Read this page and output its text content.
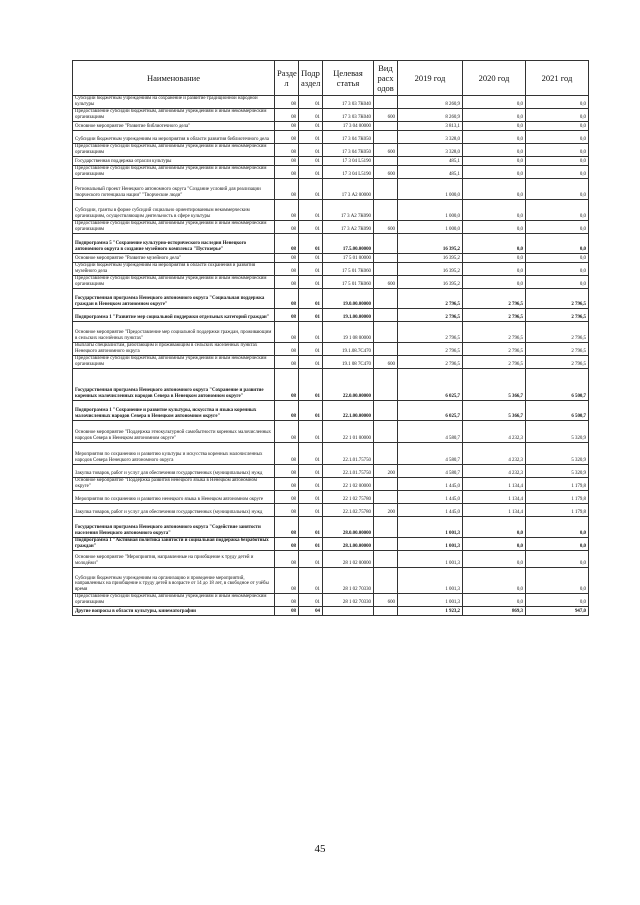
Наименование	Разде л	Подр аздел	Целевая статья	Вид расх одов	2019 год	2020 год	2021 год
Субсидии бюджетным учреждениям на сохранение и развитие традиционной народной культуры	08	01	17 3 03 7К040		8 260,9	0,0	0,0
Предоставление субсидий бюджетным, автономным учреждениям и иным некоммерческим организациям	08	01	17 3 03 7К040	600	8 260,9	0,0	0,0
Основное мероприятие "Развитие библиотечного дела"	08	01	17 3 04 00000		3 813,1	0,0	0,0
Субсидии бюджетным учреждениям на мероприятия в области развития библиотечного дела	08	01	17 3 04 7К050		3 328,0	0,0	0,0
Предоставление субсидий бюджетным, автономным учреждениям и иным некоммерческим организациям	08	01	17 3 04 7К050	600	3 328,0	0,0	0,0
Государственная поддержка отрасли культуры	08	01	17 3 04 L5190		485,1	0,0	0,0
Предоставление субсидий бюджетным, автономным учреждениям и иным некоммерческим организациям	08	01	17 3 04 L5190	600	485,1	0,0	0,0
Региональный проект Ненецкого автономного округа "Создание условий для реализации творческого потенциала нации" "Творческие люди"	08	01	17 3 А2 00000		1 000,0	0,0	0,0
Субсидии, гранты в форме субсидий социально ориентированным некоммерческим организациям, осуществляющим деятельность в сфере культуры	08	01	17 3 А2 7К090		1 000,0	0,0	0,0
Предоставление субсидий бюджетным, автономным учреждениям и иным некоммерческим организациям	08	01	17 3 А2 7К090	600	1 000,0	0,0	0,0
Подпрограмма 5 "Сохранение культурно-исторического наследия Ненецкого автономного округа в создание музейного комплекса "Пустозерье"	08	01	17.5.00.00000		16 395,2	0,0	0,0
Основное мероприятие "Развитие музейного дела"	08	01	17 5 01 00000		16 395,2	0,0	0,0
Субсидии бюджетным учреждениям на мероприятия в области сохранения и развития музейного дела	08	01	17 5 01 7К060		16 395,2	0,0	0,0
Предоставление субсидий бюджетным, автономным учреждениям и иным некоммерческим организациям	08	01	17 5 01 7К060	600	16 395,2	0,0	0,0
Государственная программа Ненецкого автономного округа "Социальная поддержка граждан в Ненецком автономном округе"	08	01	19.0.00.00000		2 796,5	2 796,5	2 796,5
Подпрограмма 1 "Развитие мер социальной поддержки отдельных категорий граждан"	08	01	19.1.00.00000		2 796,5	2 796,5	2 796,5
Основное мероприятие "Предоставление мер социальной поддержки граждан, проживающим в сельских населённых пунктах"	08	01	19 1 08 00000		2 796,5	2 796,5	2 796,5
Выплаты специалистам, работающим и проживающим в сельских населённых пунктах Ненецкого автономного округа	08	01	19.1.08.7С470		2 796,5	2 796,5	2 796,5
Предоставление субсидий бюджетным, автономным учреждениям и иным некоммерческим организациям	08	01	19.1 08 7С470	600	2 796,5	2 796,5	2 796,5
Государственная программа Ненецкого автономного округа "Сохранение и развитие коренных малочисленных народов Севера в Ненецком автономном округе"	08	01	22.0.00.00000		6 025,7	5 366,7	6 500,7
Подпрограмма 1 "Сохранение и развитие культуры, искусства и языка коренных малочисленных народов Севера в Ненецком автономном округе"	08	01	22.1.00.00000		6 025,7	5 366,7	6 500,7
Основное мероприятие "Поддержка этнокультурной самобытности коренных малочисленных народов Севера в Ненецком автономном округе"	08	01	22 1 01 00000		4 580,7	4 232,3	5 320,9
Мероприятия по сохранению и развитию культуры и искусства коренных малочисленных народов Севера Ненецкого автономного округа	08	01	22.1.01.75750		4 580,7	4 232,3	5 320,9
Закупка товаров, работ и услуг для обеспечения государственных (муниципальных) нужд	08	01	22.1.01.75750	200	4 580,7	4 232,3	5 320,9
Основное мероприятие "Поддержка развития ненецкого языка в Ненецком автономном округе"	08	01	22 1 02 00000		1 445,0	1 134,4	1 179,8
Мероприятия по сохранению и развитию ненецкого языка в Ненецком автономном округе	08	01	22 1 02 75780		1 445,0	1 134,4	1 179,8
Закупка товаров, работ и услуг для обеспечения государственных (муниципальных) нужд	08	01	22.1.02.75780	200	1 445,0	1 134,4	1 179,8
Государственная программа Ненецкого автономного округа "Содействие занятости населения Ненецкого автономного округа"	08	01	28.0.00.00000		1 001,3	0,0	0,0
Подпрограмма 1 "Активная политика занятости и социальная поддержка безработных граждан"	08	01	28.1.00.00000		1 001,3	0,0	0,0
Основное мероприятие "Мероприятия, направленные на приобщение к труду детей и молодёжи"	08	01	28 1 02 00000		1 001,3	0,0	0,0
Субсидии бюджетным учреждениям на организацию и проведение мероприятий, направленных на приобщение к труду детей в возрасте от 14 до 18 лет, в свободное от учёбы время	08	01	28 1 02 70330		1 001,3	0,0	0,0
Предоставление субсидий бюджетным, автономным учреждениям и иным некоммерческим организациям	08	01	28 1 02 70330	600	1 001,3	0,0	0,0
Другие вопросы в области культуры, кинематографии	08	04			1 923,2	869,3	947,0
45
